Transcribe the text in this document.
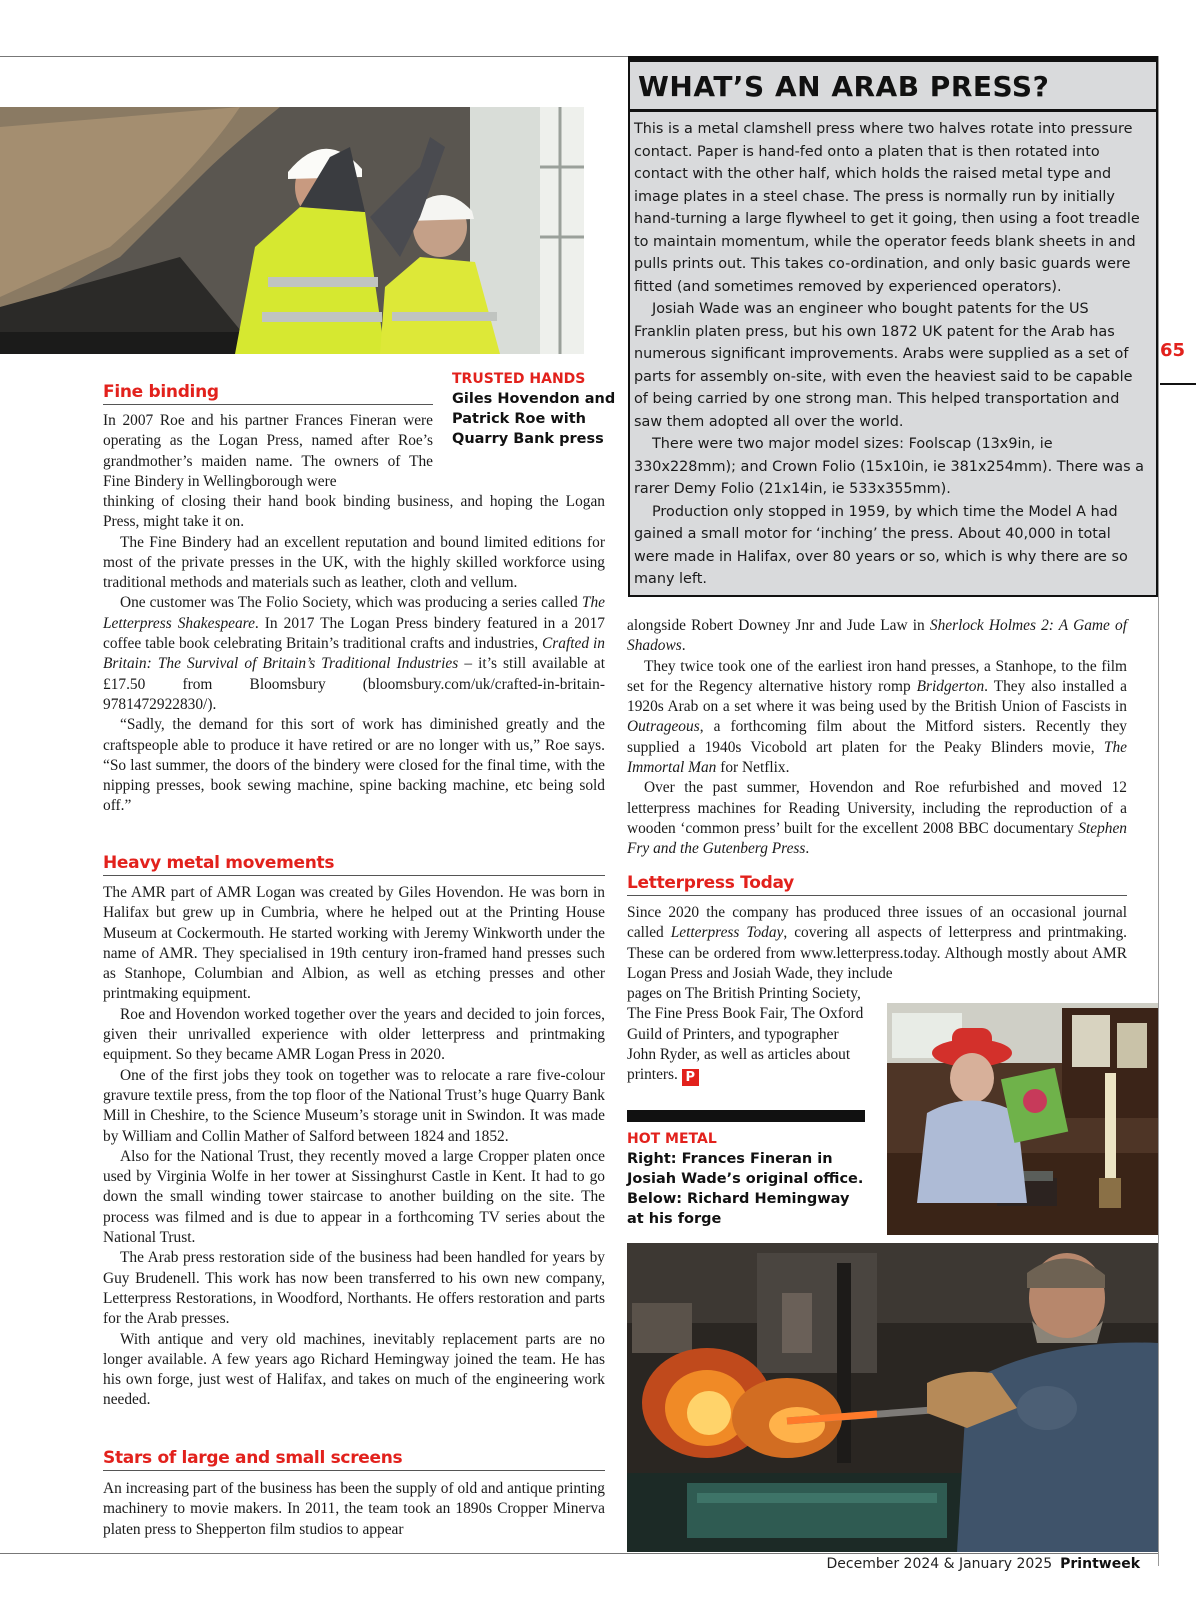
WHAT’S AN ARAB PRESS?

This is a metal clamshell press where two halves rotate into pressure contact. Paper is hand-fed onto a platen that is then rotated into contact with the other half, which holds the raised metal type and image plates in a steel chase. The press is normally run by initially hand-turning a large flywheel to get it going, then using a foot treadle to maintain momentum, while the operator feeds blank sheets in and pulls prints out. This takes co-ordination, and only basic guards were fitted (and sometimes removed by experienced operators).

Josiah Wade was an engineer who bought patents for the US Franklin platen press, but his own 1872 UK patent for the Arab has numerous significant improvements. Arabs were supplied as a set of parts for assembly on-site, with even the heaviest said to be capable of being carried by one strong man. This helped transportation and saw them adopted all over the world.

There were two major model sizes: Foolscap (13x9in, ie 330x228mm); and Crown Folio (15x10in, ie 381x254mm). There was a rarer Demy Folio (21x14in, ie 533x355mm).

Production only stopped in 1959, by which time the Model A had gained a small motor for ‘inching’ the press. About 40,000 in total were made in Halifax, over 80 years or so, which is why there are so many left.

65
TRUSTED HANDS
Giles Hovendon and Patrick Roe with Quarry Bank press
Fine binding

In 2007 Roe and his partner Frances Fineran were operating as the Logan Press, named after Roe’s grandmother’s maiden name. The owners of The Fine Bindery in Wellingborough were

thinking of closing their hand book binding business, and hoping the Logan Press, might take it on.

The Fine Bindery had an excellent reputation and bound limited editions for most of the private presses in the UK, with the highly skilled workforce using traditional methods and materials such as leather, cloth and vellum.

One customer was The Folio Society, which was producing a series called The Letterpress Shakespeare. In 2017 The Logan Press bindery featured in a 2017 coffee table book celebrating Britain’s traditional crafts and industries, Crafted in Britain: The Survival of Britain’s Traditional Industries – it’s still available at £17.50 from Bloomsbury (bloomsbury.com/uk/crafted-in-britain-9781472922830/).

“Sadly, the demand for this sort of work has diminished greatly and the craftspeople able to produce it have retired or are no longer with us,” Roe says. “So last summer, the doors of the bindery were closed for the final time, with the nipping presses, book sewing machine, spine backing machine, etc being sold off.”

Heavy metal movements

The AMR part of AMR Logan was created by Giles Hovendon. He was born in Halifax but grew up in Cumbria, where he helped out at the Printing House Museum at Cockermouth. He started working with Jeremy Winkworth under the name of AMR. They specialised in 19th century iron-framed hand presses such as Stanhope, Columbian and Albion, as well as etching presses and other printmaking equipment.

Roe and Hovendon worked together over the years and decided to join forces, given their unrivalled experience with older letterpress and printmaking equipment. So they became AMR Logan Press in 2020.

One of the first jobs they took on together was to relocate a rare five-colour gravure textile press, from the top floor of the National Trust’s huge Quarry Bank Mill in Cheshire, to the Science Museum’s storage unit in Swindon. It was made by William and Collin Mather of Salford between 1824 and 1852.

Also for the National Trust, they recently moved a large Cropper platen once used by Virginia Wolfe in her tower at Sissinghurst Castle in Kent. It had to go down the small winding tower staircase to another building on the site. The process was filmed and is due to appear in a forthcoming TV series about the National Trust.

The Arab press restoration side of the business had been handled for years by Guy Brudenell. This work has now been transferred to his own new company, Letterpress Restorations, in Woodford, Northants. He offers restoration and parts for the Arab presses.

With antique and very old machines, inevitably replacement parts are no longer available. A few years ago Richard Hemingway joined the team. He has his own forge, just west of Halifax, and takes on much of the engineering work needed.

Stars of large and small screens

An increasing part of the business has been the supply of old and antique printing machinery to movie makers. In 2011, the team took an 1890s Cropper Minerva platen press to Shepperton film studios to appear

alongside Robert Downey Jnr and Jude Law in Sherlock Holmes 2: A Game of Shadows.

They twice took one of the earliest iron hand presses, a Stanhope, to the film set for the Regency alternative history romp Bridgerton. They also installed a 1920s Arab on a set where it was being used by the British Union of Fascists in Outrageous, a forthcoming film about the Mitford sisters. Recently they supplied a 1940s Vicobold art platen for the Peaky Blinders movie, The Immortal Man for Netflix.

Over the past summer, Hovendon and Roe refurbished and moved 12 letterpress machines for Reading University, including the reproduction of a wooden ‘common press’ built for the excellent 2008 BBC documentary Stephen Fry and the Gutenberg Press.

Letterpress Today

Since 2020 the company has produced three issues of an occasional journal called Letterpress Today, covering all aspects of letterpress and printmaking. These can be ordered from www.letterpress.today. Although mostly about AMR Logan Press and Josiah Wade, they include

pages on The British Printing Society, The Fine Press Book Fair, The Oxford Guild of Printers, and typographer John Ryder, as well as articles about printers. P

HOT METAL
Right: Frances Fineran in Josiah Wade’s original office. Below: Richard Hemingway at his forge
December 2024 & January 2025 Printweek
